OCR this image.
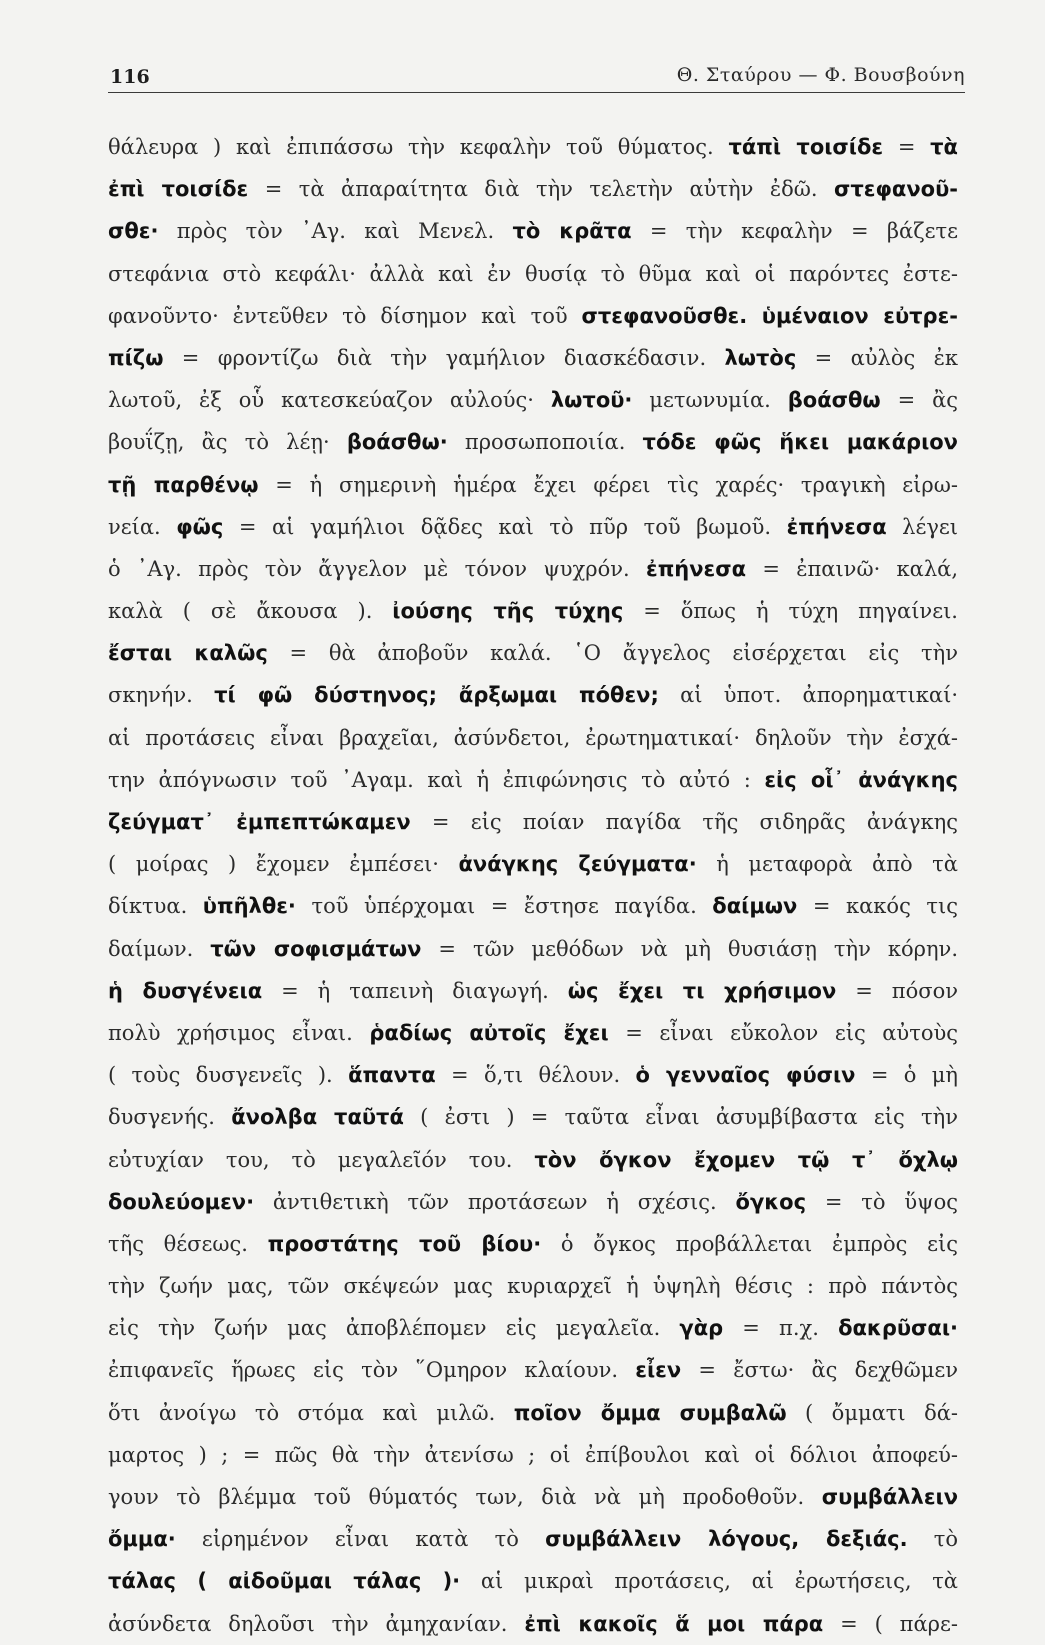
116	Θ. Σταύρου — Φ. Βουσβούνη
θάλευρα ) καὶ ἐπιπάσσω τὴν κεφαλὴν τοῦ θύματος. τάπὶ τοισίδε = τὰ
ἐπὶ τοισίδε = τὰ ἀπαραίτητα διὰ τὴν τελετὴν αὐτὴν ἐδῶ. στεφανοῦ-
σθε· πρὸς τὸν ᾽Αγ. καὶ Μενελ. τὸ κρᾶτα = τὴν κεφαλὴν = βάζετε
στεφάνια στὸ κεφάλι· ἀλλὰ καὶ ἐν θυσίᾳ τὸ θῦμα καὶ οἱ παρόντες ἐστε-
φανοῦντο· ἐντεῦθεν τὸ δίσημον καὶ τοῦ στεφανοῦσθε. ὑμέναιον εὐτρε-
πίζω = φροντίζω διὰ τὴν γαμήλιον διασκέδασιν. λωτὸς = αὐλὸς ἐκ
λωτοῦ, ἐξ οὗ κατεσκεύαζον αὐλούς· λωτοῦ· μετωνυμία. βοάσθω = ἂς
βουΐζῃ, ἂς τὸ λέῃ· βοάσθω· προσωποποιία. τόδε φῶς ἥκει μακάριον
τῇ παρθένῳ = ἡ σημερινὴ ἡμέρα ἔχει φέρει τὶς χαρές· τραγικὴ εἰρω-
νεία. φῶς = αἱ γαμήλιοι δᾷδες καὶ τὸ πῦρ τοῦ βωμοῦ. ἐπήνεσα λέγει
ὁ ᾽Αγ. πρὸς τὸν ἄγγελον μὲ τόνον ψυχρόν. ἐπήνεσα = ἐπαινῶ· καλά,
καλὰ ( σὲ ἄκουσα ). ἰούσης τῆς τύχης = ὅπως ἡ τύχη πηγαίνει.
ἔσται καλῶς = θὰ ἀποβοῦν καλά. ῾Ο ἄγγελος εἰσέρχεται εἰς τὴν
σκηνήν. τί φῶ δύστηνος; ἄρξωμαι πόθεν; αἱ ὑποτ. ἀπορηματικαί·
αἱ προτάσεις εἶναι βραχεῖαι, ἀσύνδετοι, ἐρωτηματικαί· δηλοῦν τὴν ἐσχά-
την ἀπόγνωσιν τοῦ ᾽Αγαμ. καὶ ἡ ἐπιφώνησις τὸ αὐτό : εἰς οἷ᾽ ἀνάγκης
ζεύγματ᾽ ἐμπεπτώκαμεν = εἰς ποίαν παγίδα τῆς σιδηρᾶς ἀνάγκης
( μοίρας ) ἔχομεν ἐμπέσει· ἀνάγκης ζεύγματα· ἡ μεταφορὰ ἀπὸ τὰ
δίκτυα. ὑπῆλθε· τοῦ ὑπέρχομαι = ἔστησε παγίδα. δαίμων = κακός τις
δαίμων. τῶν σοφισμάτων = τῶν μεθόδων νὰ μὴ θυσιάσῃ τὴν κόρην.
ἡ δυσγένεια = ἡ ταπεινὴ διαγωγή. ὡς ἔχει τι χρήσιμον = πόσον
πολὺ χρήσιμος εἶναι. ῥαδίως αὐτοῖς ἔχει = εἶναι εὔκολον εἰς αὐτοὺς
( τοὺς δυσγενεῖς ). ἅπαντα = ὅ,τι θέλουν. ὁ γενναῖος φύσιν = ὁ μὴ
δυσγενής. ἄνολβα ταῦτά ( ἐστι ) = ταῦτα εἶναι ἀσυμβίβαστα εἰς τὴν
εὐτυχίαν του, τὸ μεγαλεῖόν του. τὸν ὄγκον ἔχομεν τῷ τ᾽ ὄχλῳ
δουλεύομεν· ἀντιθετικὴ τῶν προτάσεων ἡ σχέσις. ὄγκος = τὸ ὕψος
τῆς θέσεως. προστάτης τοῦ βίου· ὁ ὄγκος προβάλλεται ἐμπρὸς εἰς
τὴν ζωήν μας, τῶν σκέψεών μας κυριαρχεῖ ἡ ὑψηλὴ θέσις : πρὸ πάντὸς
εἰς τὴν ζωήν μας ἀποβλέπομεν εἰς μεγαλεῖα. γὰρ = π.χ. δακρῦσαι·
ἐπιφανεῖς ἥρωες εἰς τὸν ῞Ομηρον κλαίουν. εἶεν = ἔστω· ἂς δεχθῶμεν
ὅτι ἀνοίγω τὸ στόμα καὶ μιλῶ. ποῖον ὄμμα συμβαλῶ ( ὄμματι δά-
μαρτος ) ; = πῶς θὰ τὴν ἀτενίσω ; οἱ ἐπίβουλοι καὶ οἱ δόλιοι ἀποφεύ-
γουν τὸ βλέμμα τοῦ θύματός των, διὰ νὰ μὴ προδοθοῦν. συμβάλλειν
ὄμμα· εἰρημένον εἶναι κατὰ τὸ συμβάλλειν λόγους, δεξιάς. τὸ
τάλας ( αἰδοῦμαι τάλας )· αἱ μικραὶ προτάσεις, αἱ ἐρωτήσεις, τὰ
ἀσύνδετα δηλοῦσι τὴν ἀμηχανίαν. ἐπὶ κακοῖς ἅ μοι πάρα = ( πάρε-
